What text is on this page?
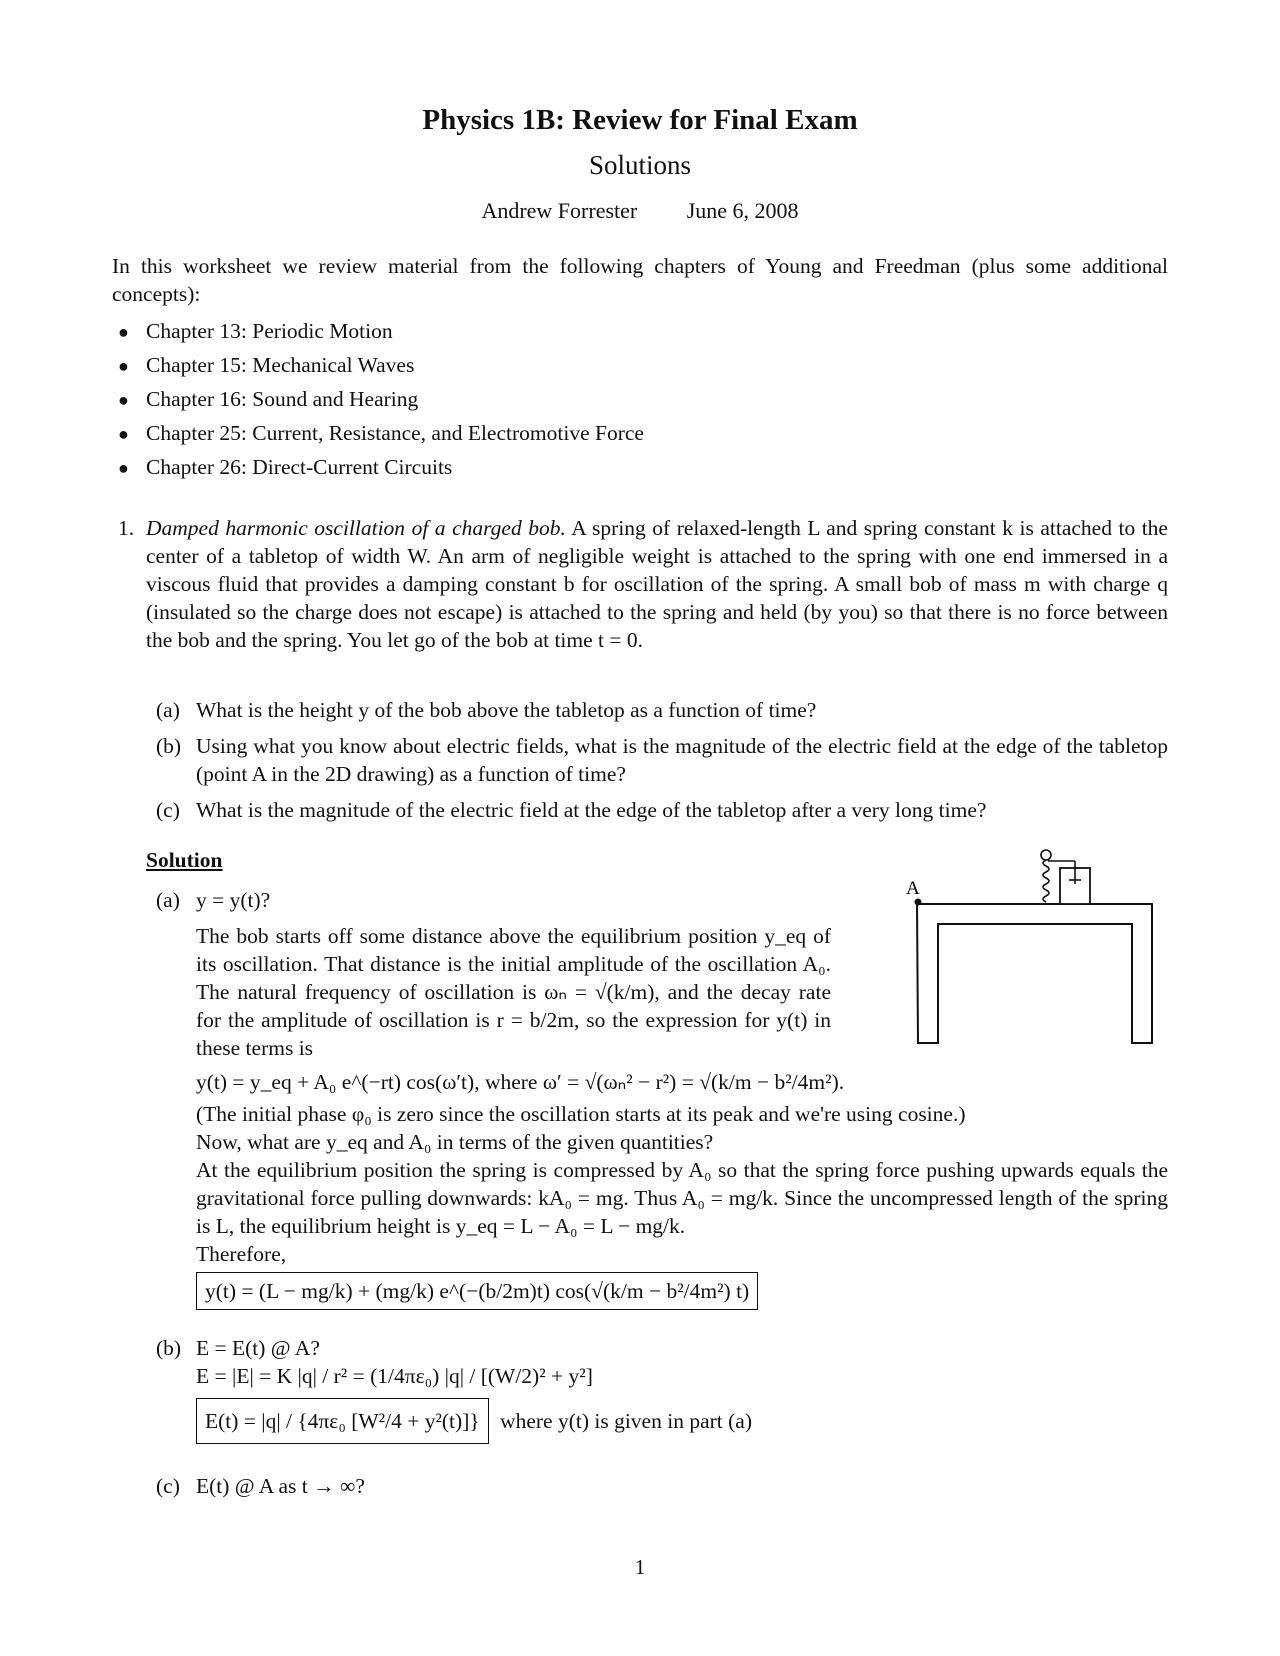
Physics 1B: Review for Final Exam
Solutions
Andrew Forrester June 6, 2008
In this worksheet we review material from the following chapters of Young and Freedman (plus some additional concepts):
● Chapter 13: Periodic Motion
● Chapter 15: Mechanical Waves
● Chapter 16: Sound and Hearing
● Chapter 25: Current, Resistance, and Electromotive Force
● Chapter 26: Direct-Current Circuits
1. Damped harmonic oscillation of a charged bob. A spring of relaxed-length L and spring constant k is attached to the center of a tabletop of width W. An arm of negligible weight is attached to the spring with one end immersed in a viscous fluid that provides a damping constant b for oscillation of the spring. A small bob of mass m with charge q (insulated so the charge does not escape) is attached to the spring and held (by you) so that there is no force between the bob and the spring. You let go of the bob at time t = 0.
(a) What is the height y of the bob above the tabletop as a function of time?
(b) Using what you know about electric fields, what is the magnitude of the electric field at the edge of the tabletop (point A in the 2D drawing) as a function of time?
(c) What is the magnitude of the electric field at the edge of the tabletop after a very long time?
Solution
A
(a) y = y(t)?
The bob starts off some distance above the equilibrium position y_eq of its oscillation. That distance is the initial amplitude of the oscillation A₀. The natural frequency of oscillation is ωₙ = √(k/m), and the decay rate for the amplitude of oscillation is r = b/2m, so the expression for y(t) in these terms is
y(t) = y_eq + A₀ e^(−rt) cos(ω′t), where ω′ = √(ωₙ² − r²) = √(k/m − b²/4m²).
(The initial phase φ₀ is zero since the oscillation starts at its peak and we're using cosine.)
Now, what are y_eq and A₀ in terms of the given quantities?
At the equilibrium position the spring is compressed by A₀ so that the spring force pushing upwards equals the gravitational force pulling downwards: kA₀ = mg. Thus A₀ = mg/k. Since the uncompressed length of the spring is L, the equilibrium height is y_eq = L − A₀ = L − mg/k.
Therefore,
y(t) = (L − mg/k) + (mg/k) e^(−(b/2m)t) cos(√(k/m − b²/4m²) t)
(b) E = E(t) @ A?
E = |E| = K |q| / r² = (1/4πε₀) |q| / [(W/2)² + y²]
E(t) = |q| / {4πε₀ [W²/4 + y²(t)]} where y(t) is given in part (a)
(c) E(t) @ A as t → ∞?
1
